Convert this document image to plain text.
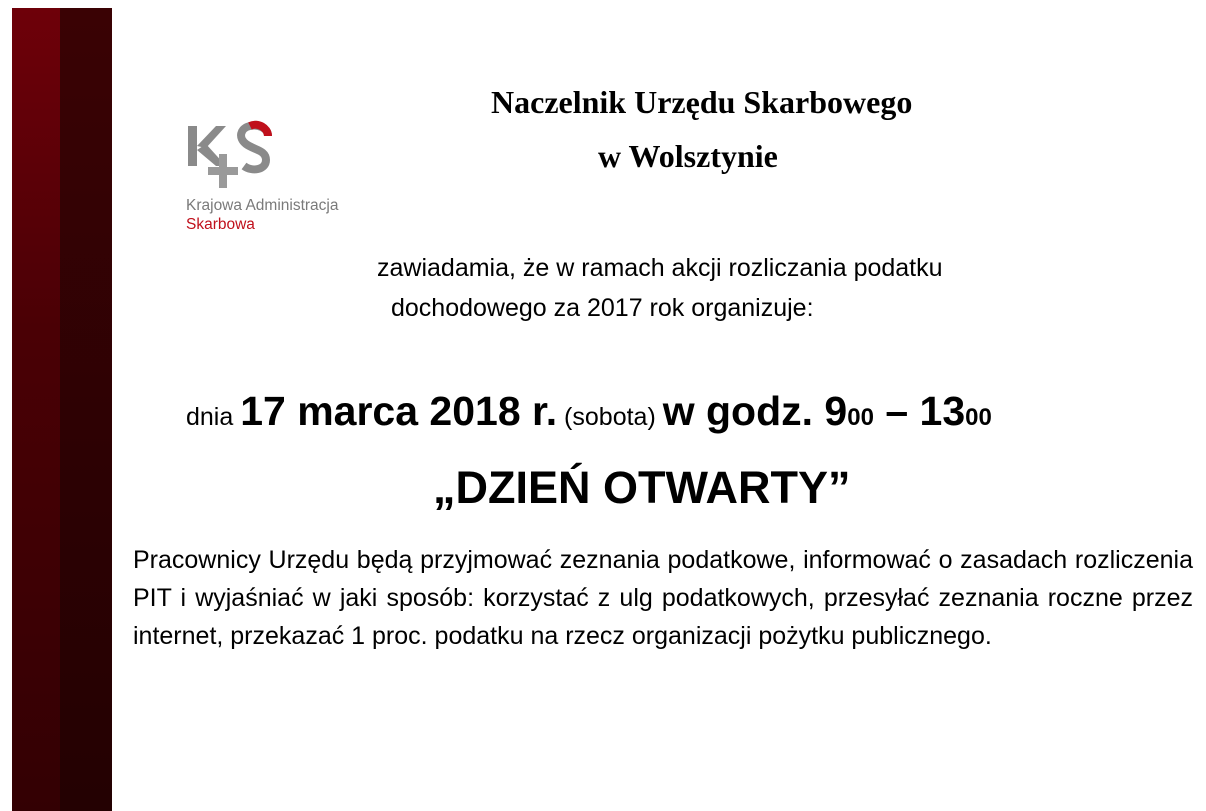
Krajowa Administracja
Skarbowa
Naczelnik Urzędu Skarbowego
w Wolsztynie
zawiadamia, że w ramach akcji rozliczania podatku
dochodowego za 2017 rok organizuje:
dnia 17 marca 2018 r. (sobota) w godz. 900 – 1300
„DZIEŃ OTWARTY”
Pracownicy Urzędu będą przyjmować zeznania podatkowe, informować o zasadach rozliczenia PIT i wyjaśniać w jaki sposób: korzystać z ulg podatkowych, przesyłać zeznania roczne przez internet, przekazać 1 proc. podatku na rzecz organizacji pożytku publicznego.
